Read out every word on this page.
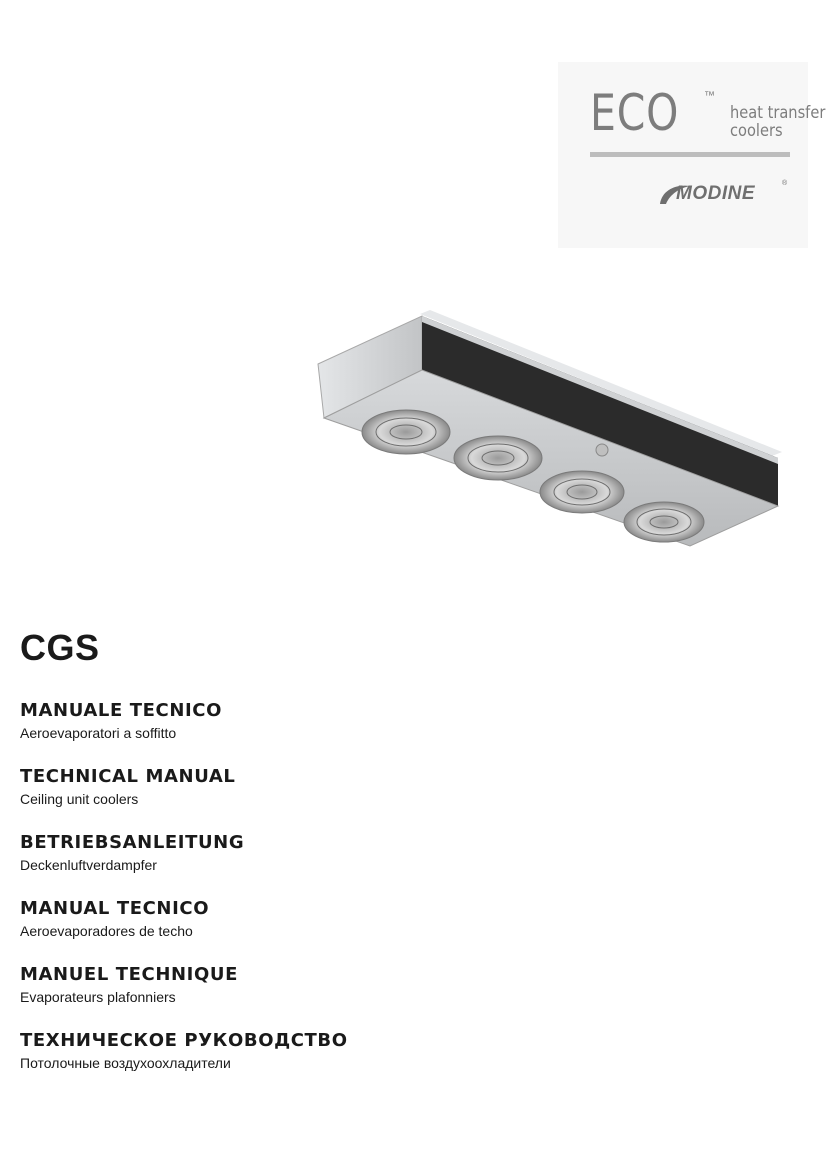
ECO ™
heat transfer
coolers
MODINE	®
CGS
MANUALE TECNICO
Aeroevaporatori a soffitto
TECHNICAL MANUAL
Ceiling unit coolers
BETRIEBSANLEITUNG
Deckenluftverdampfer
MANUAL TECNICO
Aeroevaporadores de techo
MANUEL TECHNIQUE
Evaporateurs plafonniers
ТЕХНИЧЕСКОЕ РУКОВОДСТВО
Потолочные воздухоохладители
